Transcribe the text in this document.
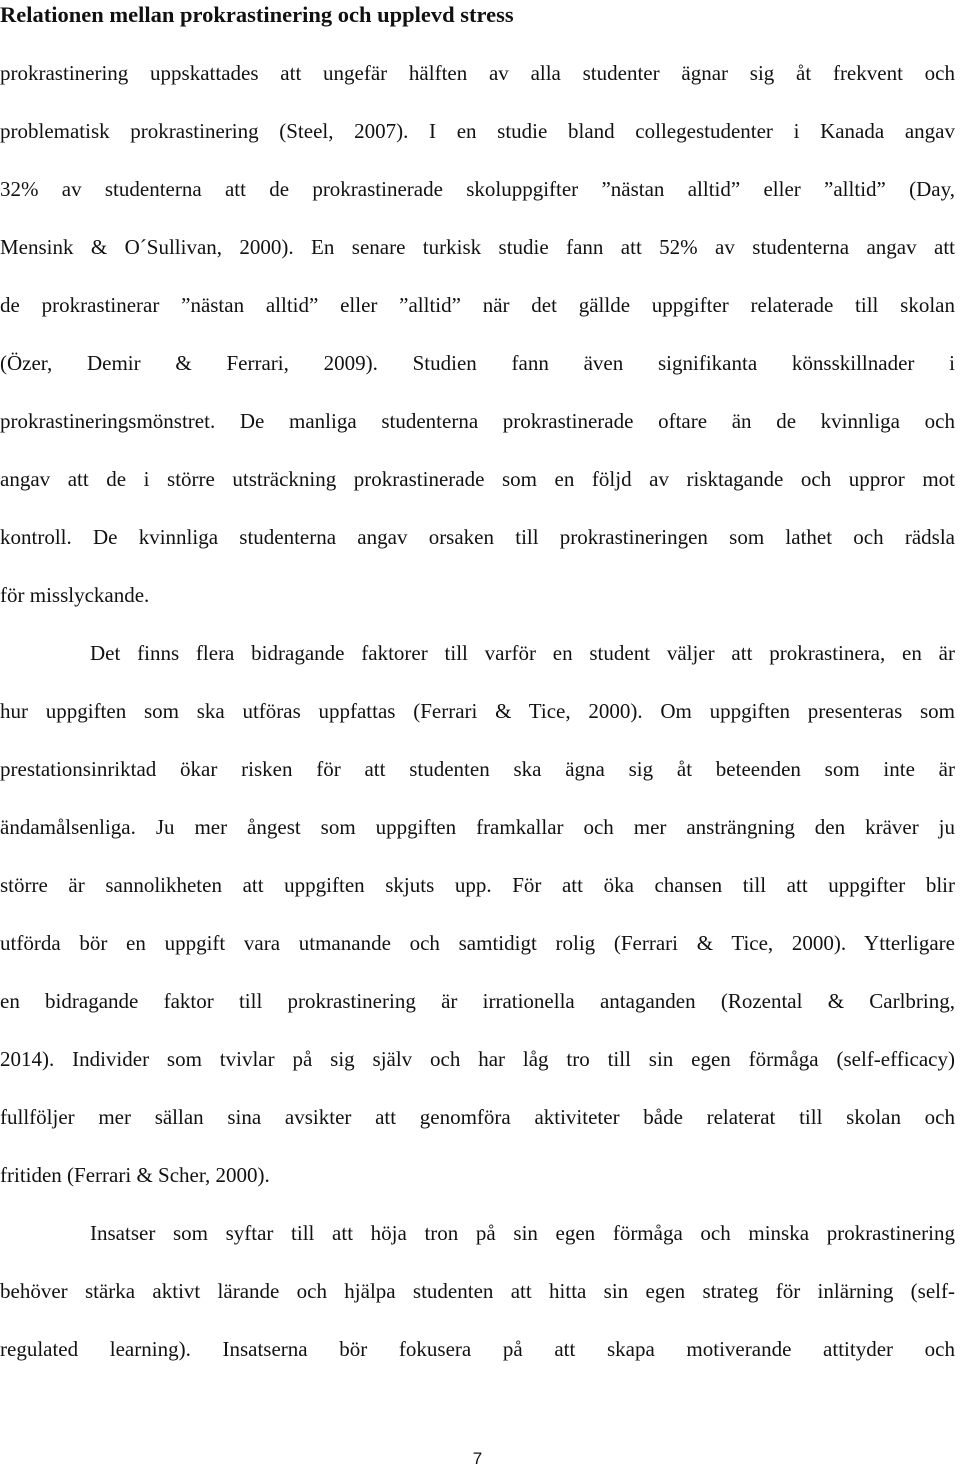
Relationen mellan prokrastinering och upplevd stress

prokrastinering uppskattades att ungefär hälften av alla studenter ägnar sig åt frekvent och
problematisk prokrastinering (Steel, 2007). I en studie bland collegestudenter i Kanada angav
32% av studenterna att de prokrastinerade skoluppgifter ”nästan alltid” eller ”alltid” (Day,
Mensink & O´Sullivan, 2000). En senare turkisk studie fann att 52% av studenterna angav att
de prokrastinerar ”nästan alltid” eller ”alltid” när det gällde uppgifter relaterade till skolan
(Özer, Demir & Ferrari, 2009). Studien fann även signifikanta könsskillnader i
prokrastineringsmönstret. De manliga studenterna prokrastinerade oftare än de kvinnliga och
angav att de i större utsträckning prokrastinerade som en följd av risktagande och uppror mot
kontroll. De kvinnliga studenterna angav orsaken till prokrastineringen som lathet och rädsla
för misslyckande.

Det finns flera bidragande faktorer till varför en student väljer att prokrastinera, en är
hur uppgiften som ska utföras uppfattas (Ferrari & Tice, 2000). Om uppgiften presenteras som
prestationsinriktad ökar risken för att studenten ska ägna sig åt beteenden som inte är
ändamålsenliga. Ju mer ångest som uppgiften framkallar och mer ansträngning den kräver ju
större är sannolikheten att uppgiften skjuts upp. För att öka chansen till att uppgifter blir
utförda bör en uppgift vara utmanande och samtidigt rolig (Ferrari & Tice, 2000). Ytterligare
en bidragande faktor till prokrastinering är irrationella antaganden (Rozental & Carlbring,
2014). Individer som tvivlar på sig själv och har låg tro till sin egen förmåga (self-efficacy)
fullföljer mer sällan sina avsikter att genomföra aktiviteter både relaterat till skolan och
fritiden (Ferrari & Scher, 2000).

Insatser som syftar till att höja tron på sin egen förmåga och minska prokrastinering
behöver stärka aktivt lärande och hjälpa studenten att hitta sin egen strateg för inlärning (self-
regulated learning). Insatserna bör fokusera på att skapa motiverande attityder och

7
